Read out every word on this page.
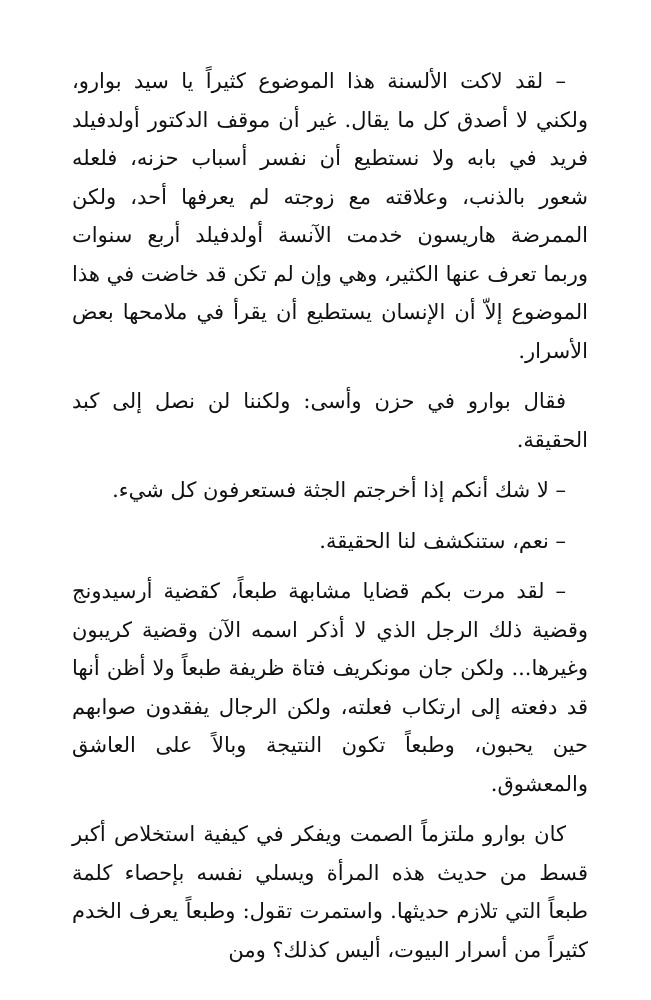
– لقد لاكت الألسنة هذا الموضوع كثيراً يا سيد بوارو، ولكني لا أصدق كل ما يقال. غير أن موقف الدكتور أولدفيلد فريد في بابه ولا نستطيع أن نفسر أسباب حزنه، فلعله شعور بالذنب، وعلاقته مع زوجته لم يعرفها أحد، ولكن الممرضة هاريسون خدمت الآنسة أولدفيلد أربع سنوات وربما تعرف عنها الكثير، وهي وإن لم تكن قد خاضت في هذا الموضوع إلاّ أن الإنسان يستطيع أن يقرأ في ملامحها بعض الأسرار.

فقال بوارو في حزن وأسى: ولكننا لن نصل إلى كبد الحقيقة.

– لا شك أنكم إذا أخرجتم الجثة فستعرفون كل شيء.

– نعم، ستنكشف لنا الحقيقة.

– لقد مرت بكم قضايا مشابهة طبعاً، كقضية أرسيدونج وقضية ذلك الرجل الذي لا أذكر اسمه الآن وقضية كريبون وغيرها... ولكن جان مونكريف فتاة ظريفة طبعاً ولا أظن أنها قد دفعته إلى ارتكاب فعلته، ولكن الرجال يفقدون صوابهم حين يحبون، وطبعاً تكون النتيجة وبالاً على العاشق والمعشوق.

كان بوارو ملتزماً الصمت ويفكر في كيفية استخلاص أكبر قسط من حديث هذه المرأة ويسلي نفسه بإحصاء كلمة طبعاً التي تلازم حديثها. واستمرت تقول: وطبعاً يعرف الخدم كثيراً من أسرار البيوت، أليس كذلك؟ ومن
